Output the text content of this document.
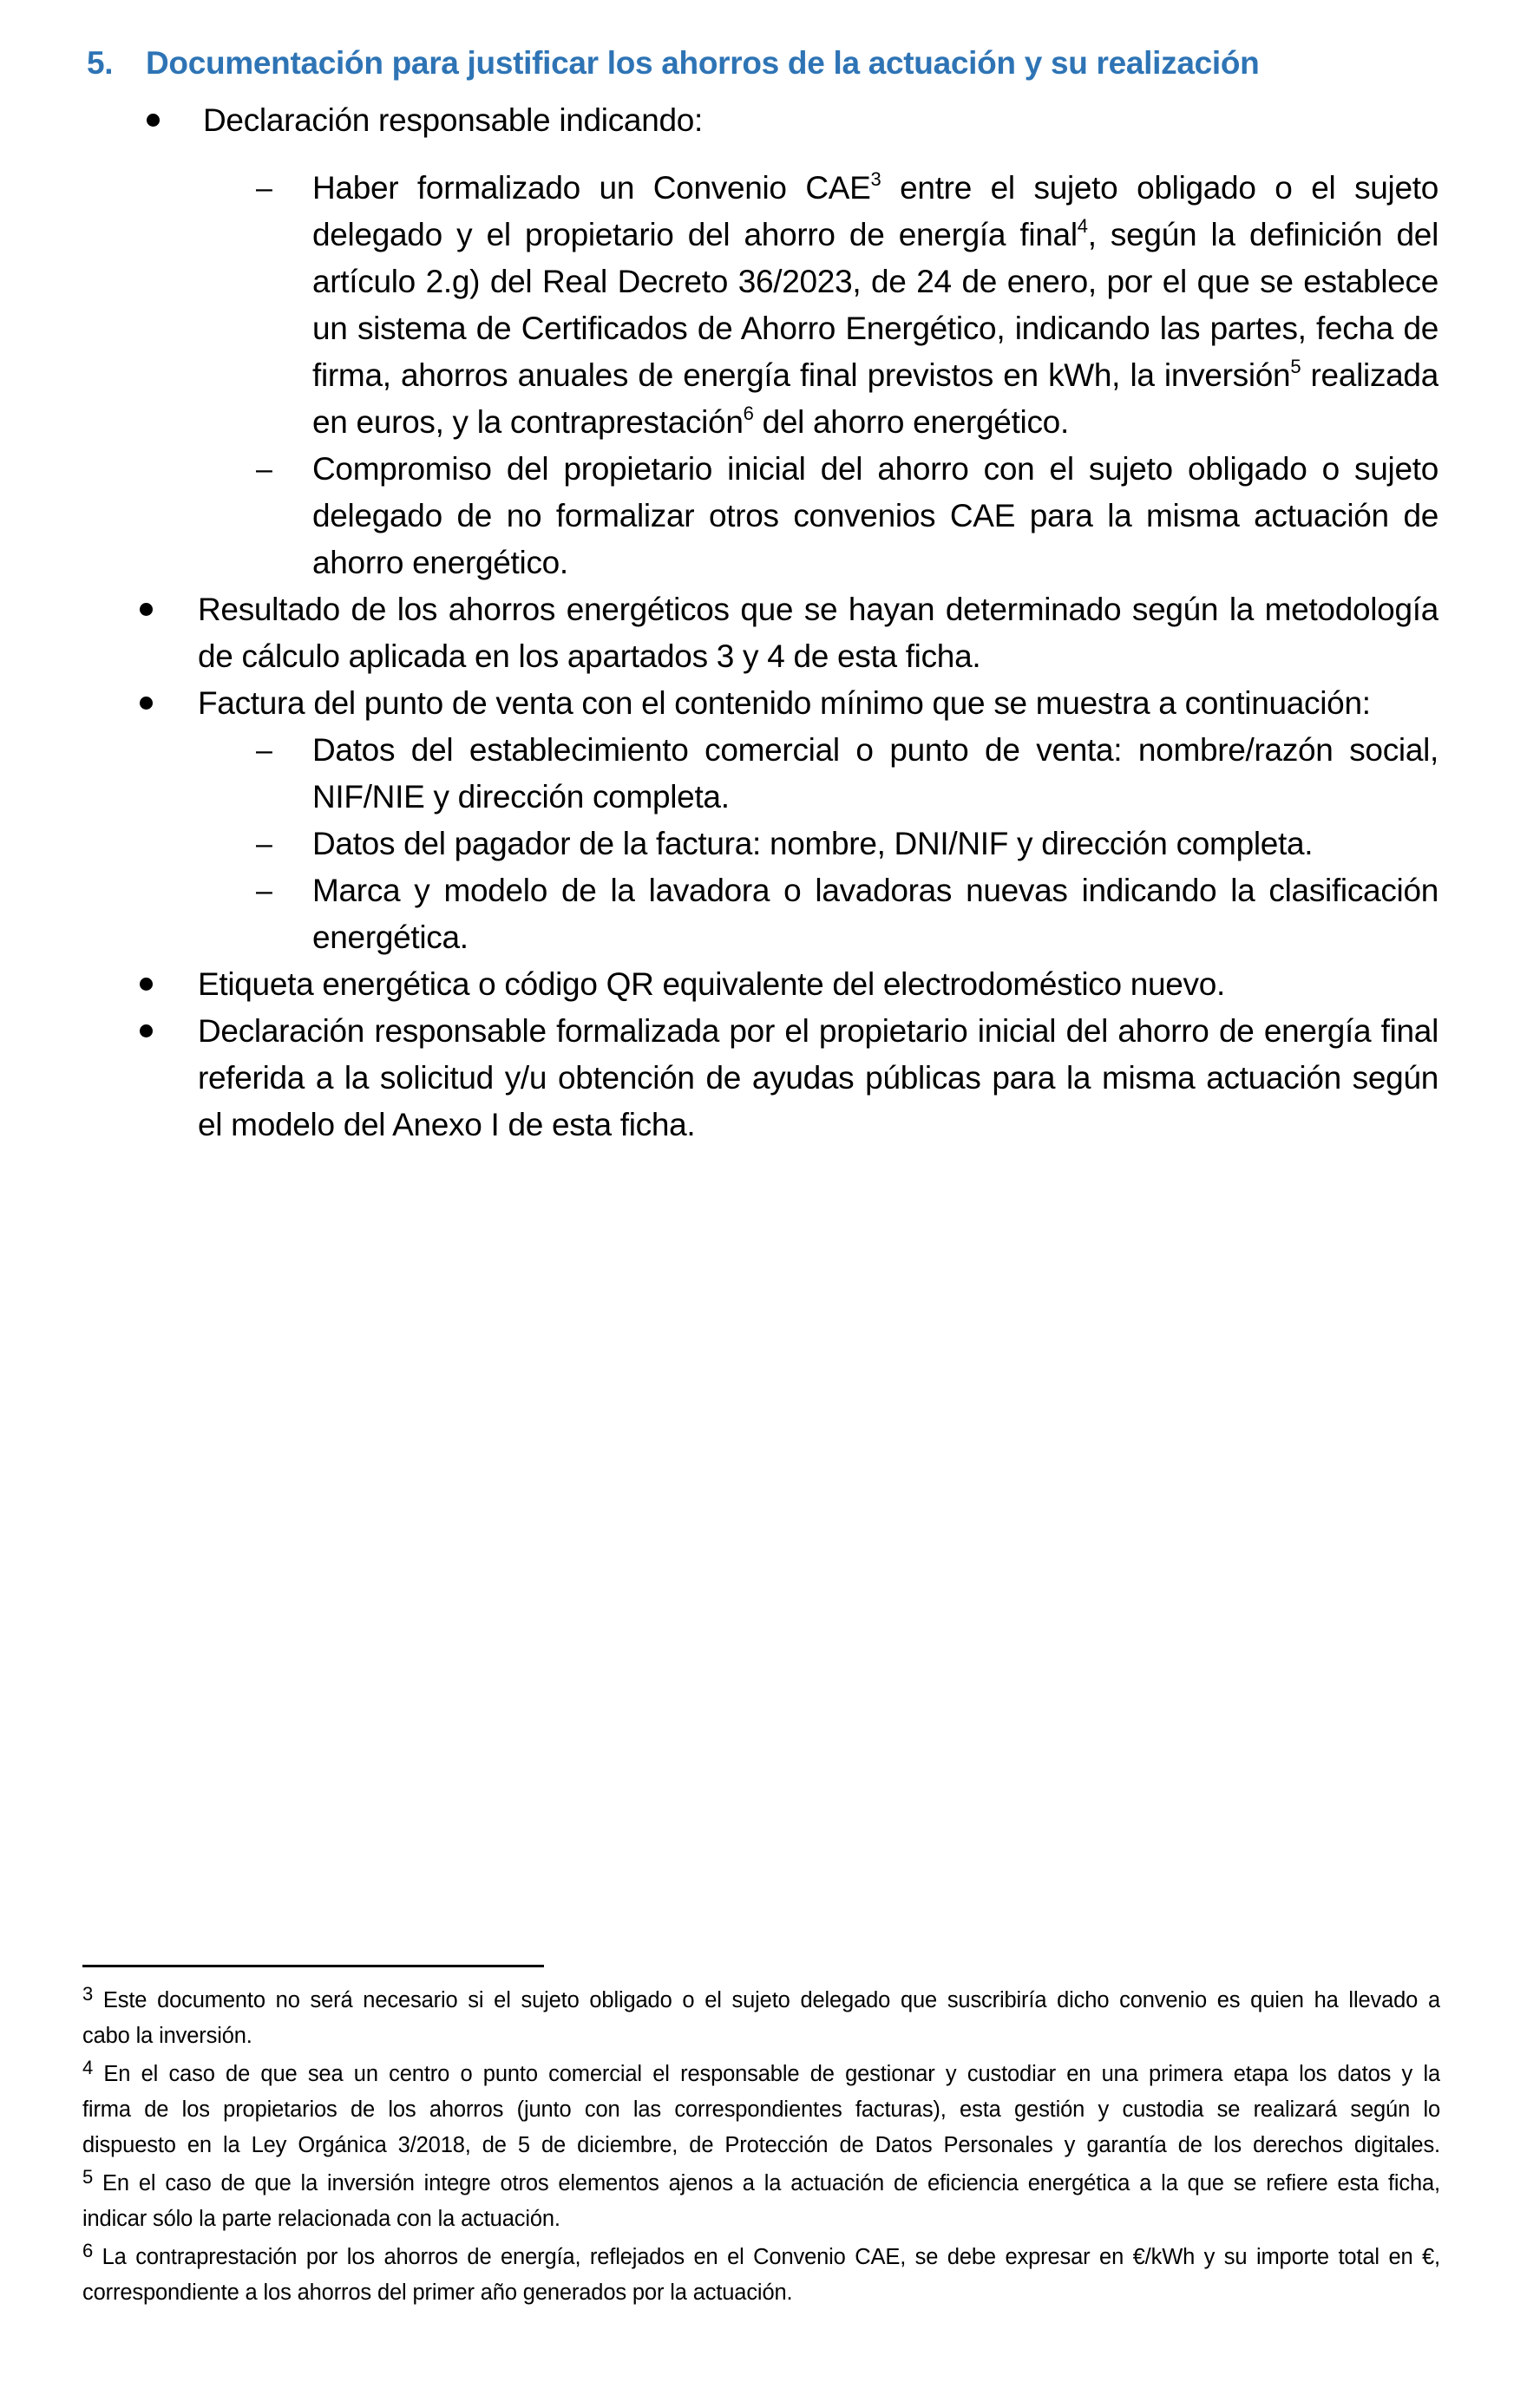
5. Documentación para justificar los ahorros de la actuación y su realización
Declaración responsable indicando:
– Haber formalizado un Convenio CAE$^3$ entre el sujeto obligado o el sujeto
delegado y el propietario del ahorro de energía final$^4$, según la definición del
artículo 2.g) del Real Decreto 36/2023, de 24 de enero, por el que se establece
un sistema de Certificados de Ahorro Energético, indicando las partes, fecha de
firma, ahorros anuales de energía final previstos en kWh, la inversión$^5$ realizada
en euros, y la contraprestación$^6$ del ahorro energético.
– Compromiso del propietario inicial del ahorro con el sujeto obligado o sujeto
delegado de no formalizar otros convenios CAE para la misma actuación de
ahorro energético.
Resultado de los ahorros energéticos que se hayan determinado según la metodología
de cálculo aplicada en los apartados 3 y 4 de esta ficha.
Factura del punto de venta con el contenido mínimo que se muestra a continuación:
‒ Datos del establecimiento comercial o punto de venta: nombre/razón social,
NIF/NIE y dirección completa.
‒ Datos del pagador de la factura: nombre, DNI/NIF y dirección completa.
‒ Marca y modelo de la lavadora o lavadoras nuevas indicando la clasificación
energética.
Etiqueta energética o código QR equivalente del electrodoméstico nuevo.
Declaración responsable formalizada por el propietario inicial del ahorro de energía final
referida a la solicitud y/u obtención de ayudas públicas para la misma actuación según
el modelo del Anexo I de esta ficha.
3 Este documento no será necesario si el sujeto obligado o el sujeto delegado que suscribiría dicho convenio es quien ha llevado a
cabo la inversión.
4 En el caso de que sea un centro o punto comercial el responsable de gestionar y custodiar en una primera etapa los datos y la
firma de los propietarios de los ahorros (junto con las correspondientes facturas), esta gestión y custodia se realizará según lo
dispuesto en la Ley Orgánica 3/2018, de 5 de diciembre, de Protección de Datos Personales y garantía de los derechos digitales.
5 En el caso de que la inversión integre otros elementos ajenos a la actuación de eficiencia energética a la que se refiere esta ficha,
indicar sólo la parte relacionada con la actuación.
6 La contraprestación por los ahorros de energía, reflejados en el Convenio CAE, se debe expresar en €/kWh y su importe total en €,
correspondiente a los ahorros del primer año generados por la actuación.
